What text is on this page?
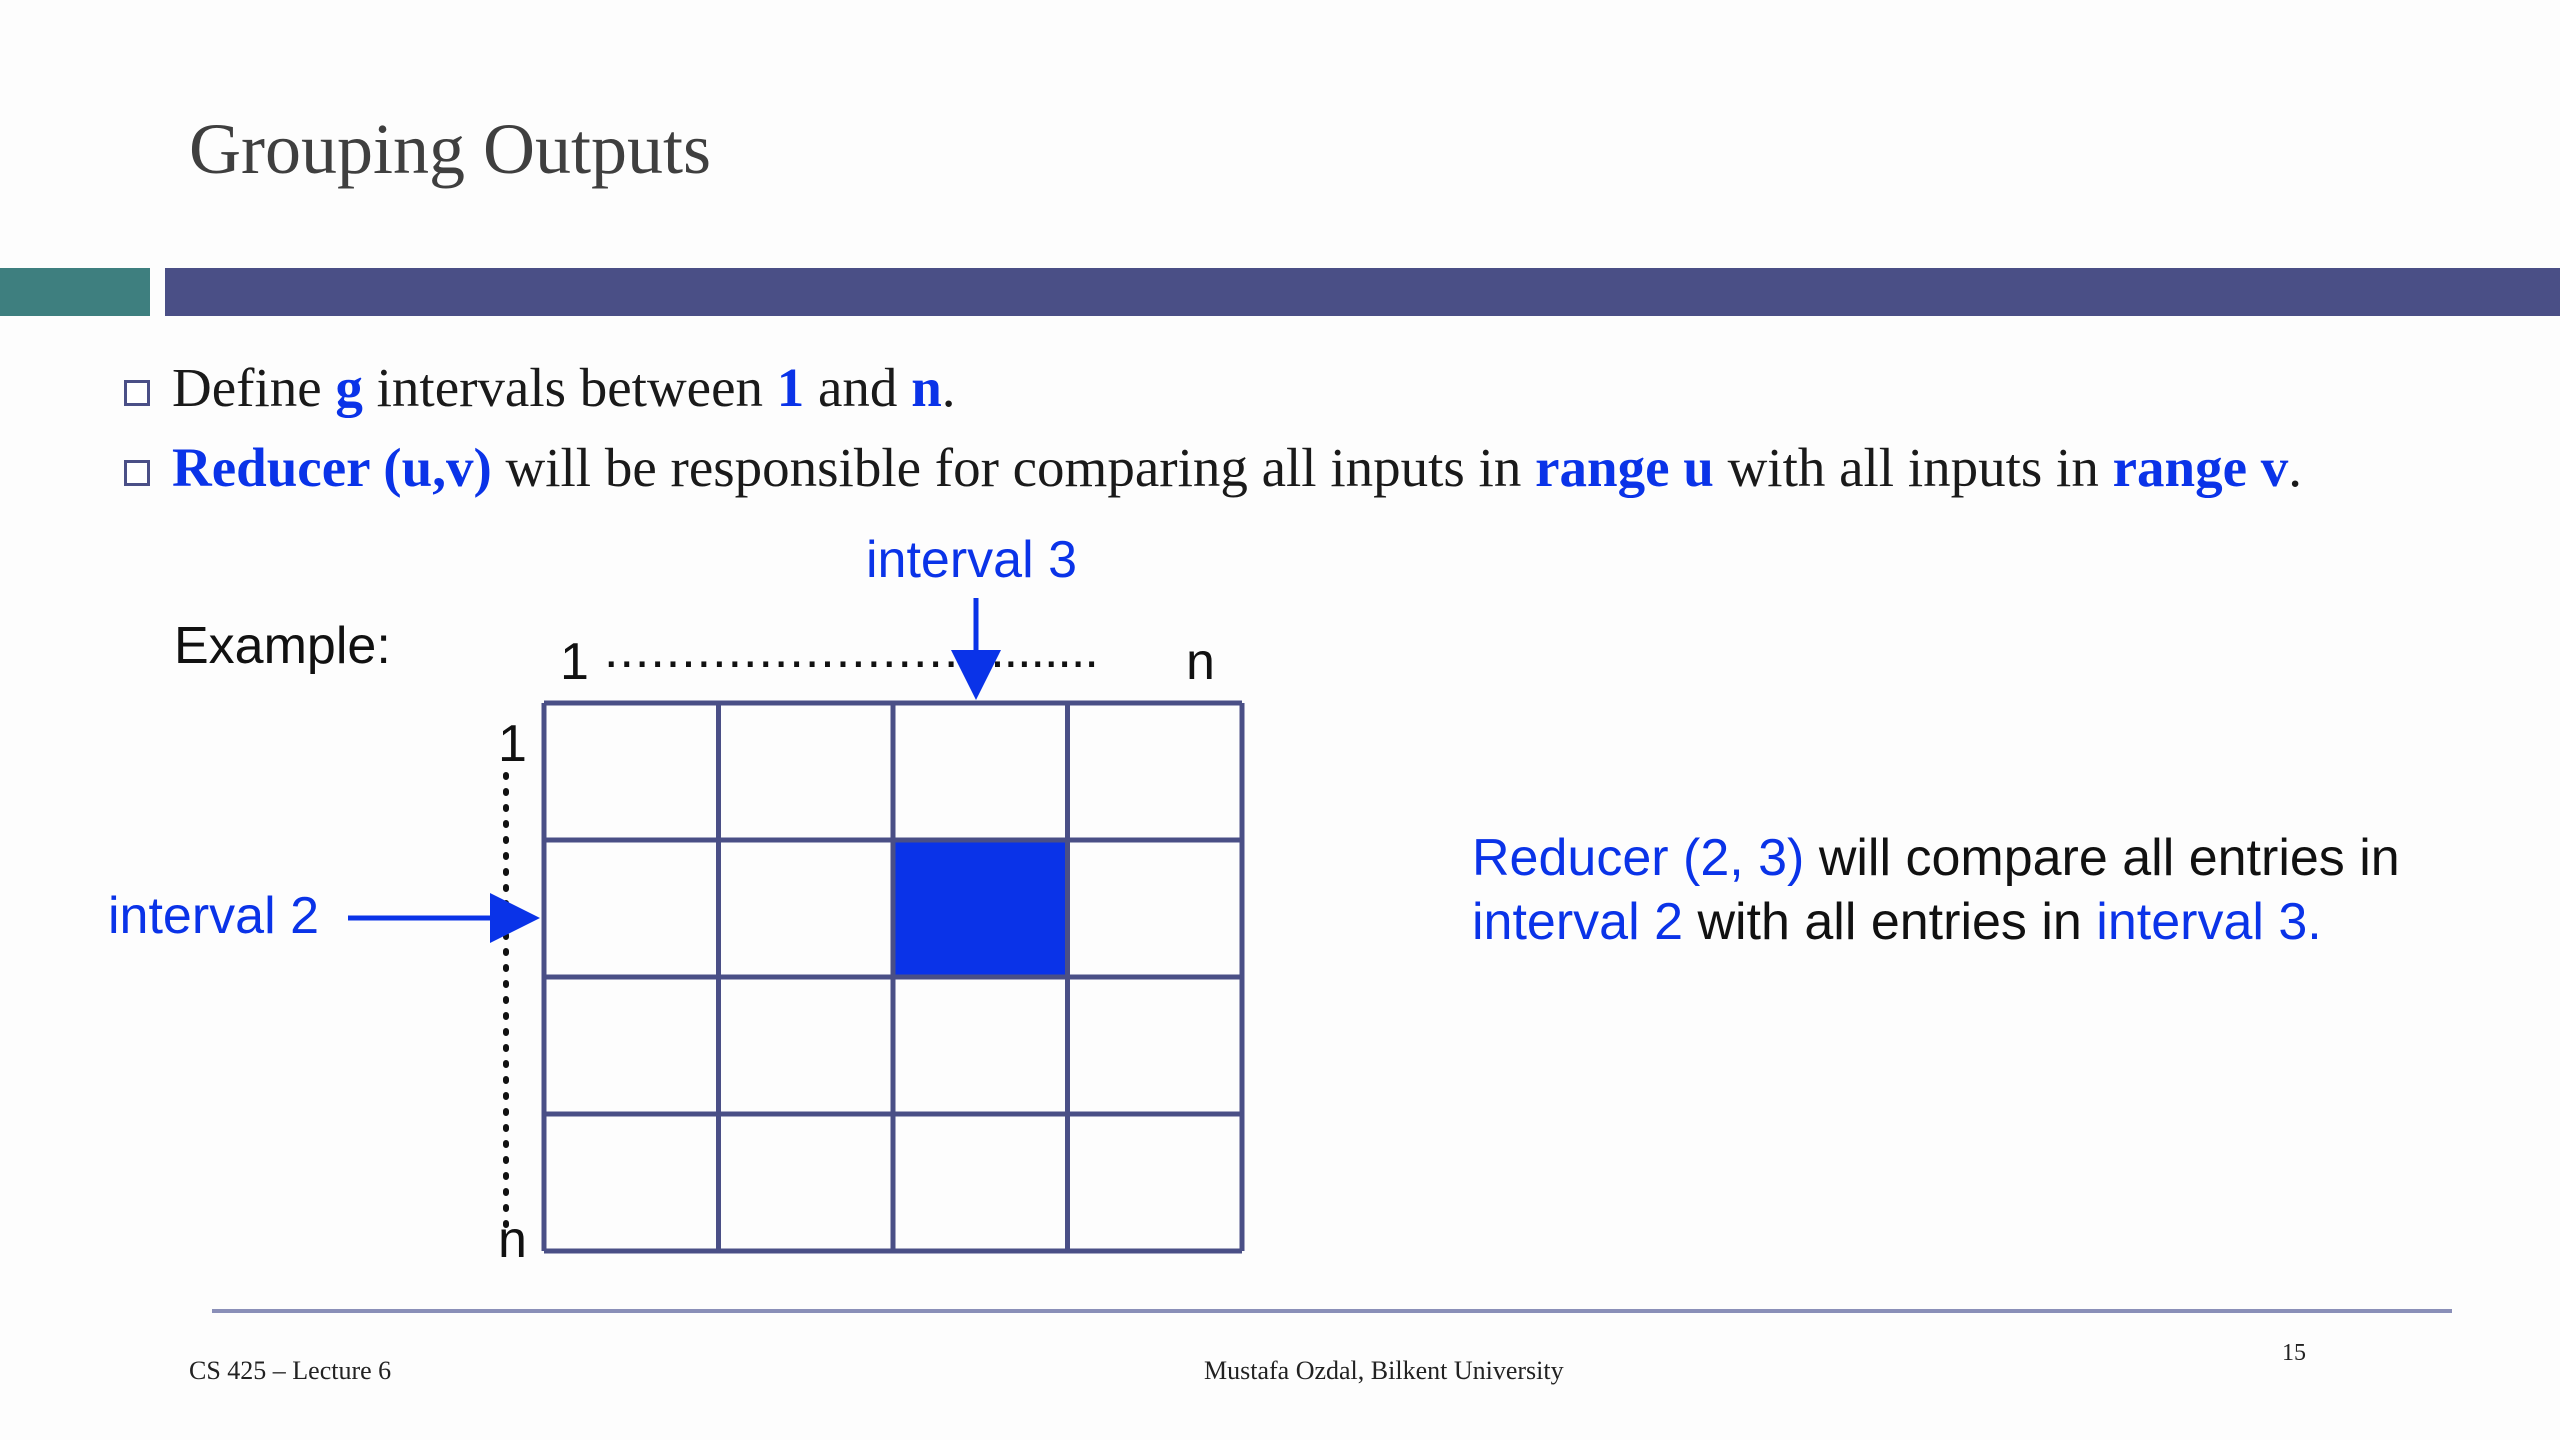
Grouping Outputs
Define g intervals between 1 and n.
Reducer (u,v) will be responsible for comparing all inputs in range u with all inputs in range v.
Example:
interval 3
interval 2
1 ................................. n
1
n
Reducer (2, 3) will compare all entries in
interval 2 with all entries in interval 3.
CS 425 – Lecture 6	Mustafa Ozdal, Bilkent University
15
